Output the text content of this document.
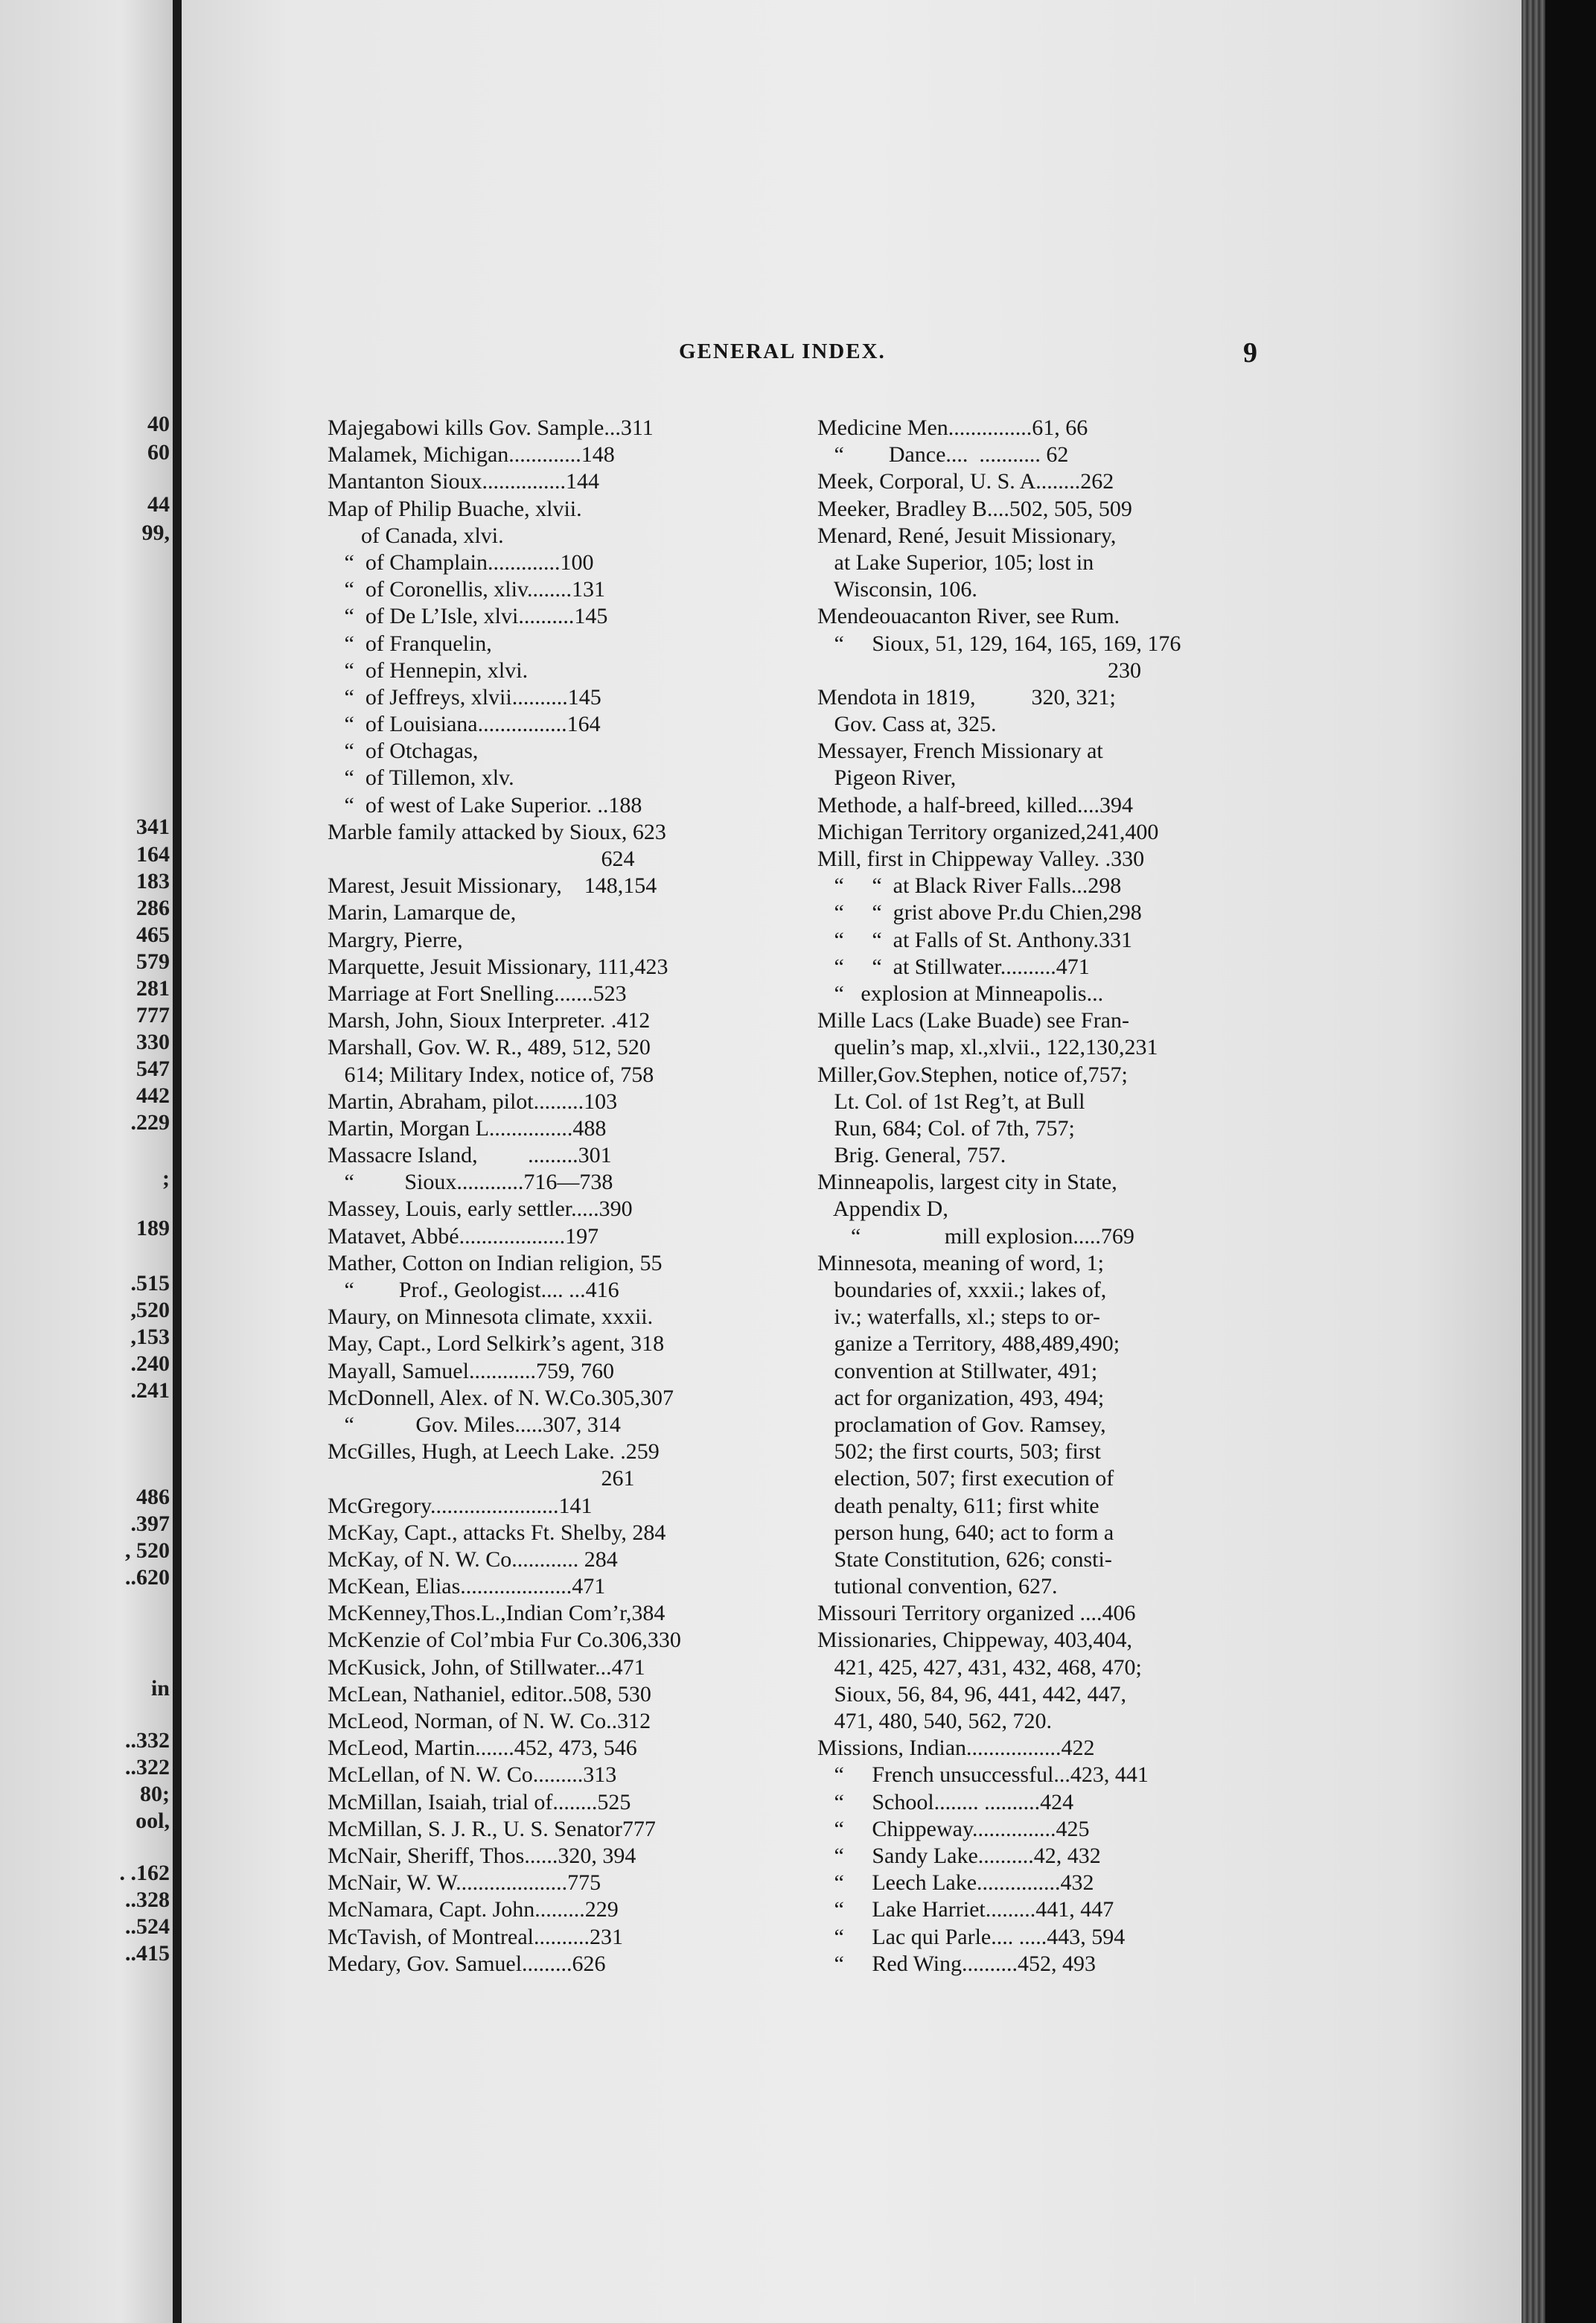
40
60
44
99,
341
164
183
286
465
579
281
777
330
547
442
.229
;
189
.515
,520
,153
.240
.241
486
.397
, 520
..620
in
..332
..322
80;
ool,
. .162
..328
..524
..415
GENERAL INDEX.	9
Majegabowi kills Gov. Sample...311
Malamek, Michigan.............148
Mantanton Sioux...............144
Map of Philip Buache, xlvii.
of Canada, xlvi.
“  of Champlain.............100
“  of Coronellis, xliv........131
“  of De L’Isle, xlvi..........145
“  of Franquelin,
“  of Hennepin, xlvi.
“  of Jeffreys, xlvii..........145
“  of Louisiana................164
“  of Otchagas,
“  of Tillemon, xlv.
“  of west of Lake Superior. ..188
Marble family attacked by Sioux, 623
624
Marest, Jesuit Missionary,    148,154
Marin, Lamarque de,
Margry, Pierre,
Marquette, Jesuit Missionary, 111,423
Marriage at Fort Snelling.......523
Marsh, John, Sioux Interpreter. .412
Marshall, Gov. W. R., 489, 512, 520
614; Military Index, notice of, 758
Martin, Abraham, pilot.........103
Martin, Morgan L...............488
Massacre Island,         .........301
“         Sioux............716—738
Massey, Louis, early settler.....390
Matavet, Abbé...................197
Mather, Cotton on Indian religion, 55
“        Prof., Geologist.... ...416
Maury, on Minnesota climate, xxxii.
May, Capt., Lord Selkirk’s agent, 318
Mayall, Samuel............759, 760
McDonnell, Alex. of N. W.Co.305,307
“           Gov. Miles.....307, 314
McGilles, Hugh, at Leech Lake. .259
261
McGregory.......................141
McKay, Capt., attacks Ft. Shelby, 284
McKay, of N. W. Co............ 284
McKean, Elias....................471
McKenney,Thos.L.,Indian Com’r,384
McKenzie of Col’mbia Fur Co.306,330
McKusick, John, of Stillwater...471
McLean, Nathaniel, editor..508, 530
McLeod, Norman, of N. W. Co..312
McLeod, Martin.......452, 473, 546
McLellan, of N. W. Co.........313
McMillan, Isaiah, trial of........525
McMillan, S. J. R., U. S. Senator777
McNair, Sheriff, Thos......320, 394
McNair, W. W....................775
McNamara, Capt. John.........229
McTavish, of Montreal..........231
Medary, Gov. Samuel.........626
Medicine Men...............61, 66
“        Dance....  ........... 62
Meek, Corporal, U. S. A........262
Meeker, Bradley B....502, 505, 509
Menard, René, Jesuit Missionary,
at Lake Superior, 105; lost in
Wisconsin, 106.
Mendeouacanton River, see Rum.
“     Sioux, 51, 129, 164, 165, 169, 176
230
Mendota in 1819,          320, 321;
Gov. Cass at, 325.
Messayer, French Missionary at
Pigeon River,
Methode, a half-breed, killed....394
Michigan Territory organized,241,400
Mill, first in Chippeway Valley. .330
“     “  at Black River Falls...298
“     “  grist above Pr.du Chien,298
“     “  at Falls of St. Anthony.331
“     “  at Stillwater..........471
“   explosion at Minneapolis...
Mille Lacs (Lake Buade) see Fran-
quelin’s map, xl.,xlvii., 122,130,231
Miller,Gov.Stephen, notice of,757;
Lt. Col. of 1st Reg’t, at Bull
Run, 684; Col. of 7th, 757;
Brig. General, 757.
Minneapolis, largest city in State,
Appendix D,
“               mill explosion.....769
Minnesota, meaning of word, 1;
boundaries of, xxxii.; lakes of,
iv.; waterfalls, xl.; steps to or-
ganize a Territory, 488,489,490;
convention at Stillwater, 491;
act for organization, 493, 494;
proclamation of Gov. Ramsey,
502; the first courts, 503; first
election, 507; first execution of
death penalty, 611; first white
person hung, 640; act to form a
State Constitution, 626; consti-
tutional convention, 627.
Missouri Territory organized ....406
Missionaries, Chippeway, 403,404,
421, 425, 427, 431, 432, 468, 470;
Sioux, 56, 84, 96, 441, 442, 447,
471, 480, 540, 562, 720.
Missions, Indian.................422
“     French unsuccessful...423, 441
“     School........ ..........424
“     Chippeway...............425
“     Sandy Lake..........42, 432
“     Leech Lake...............432
“     Lake Harriet.........441, 447
“     Lac qui Parle.... .....443, 594
“     Red Wing..........452, 493
